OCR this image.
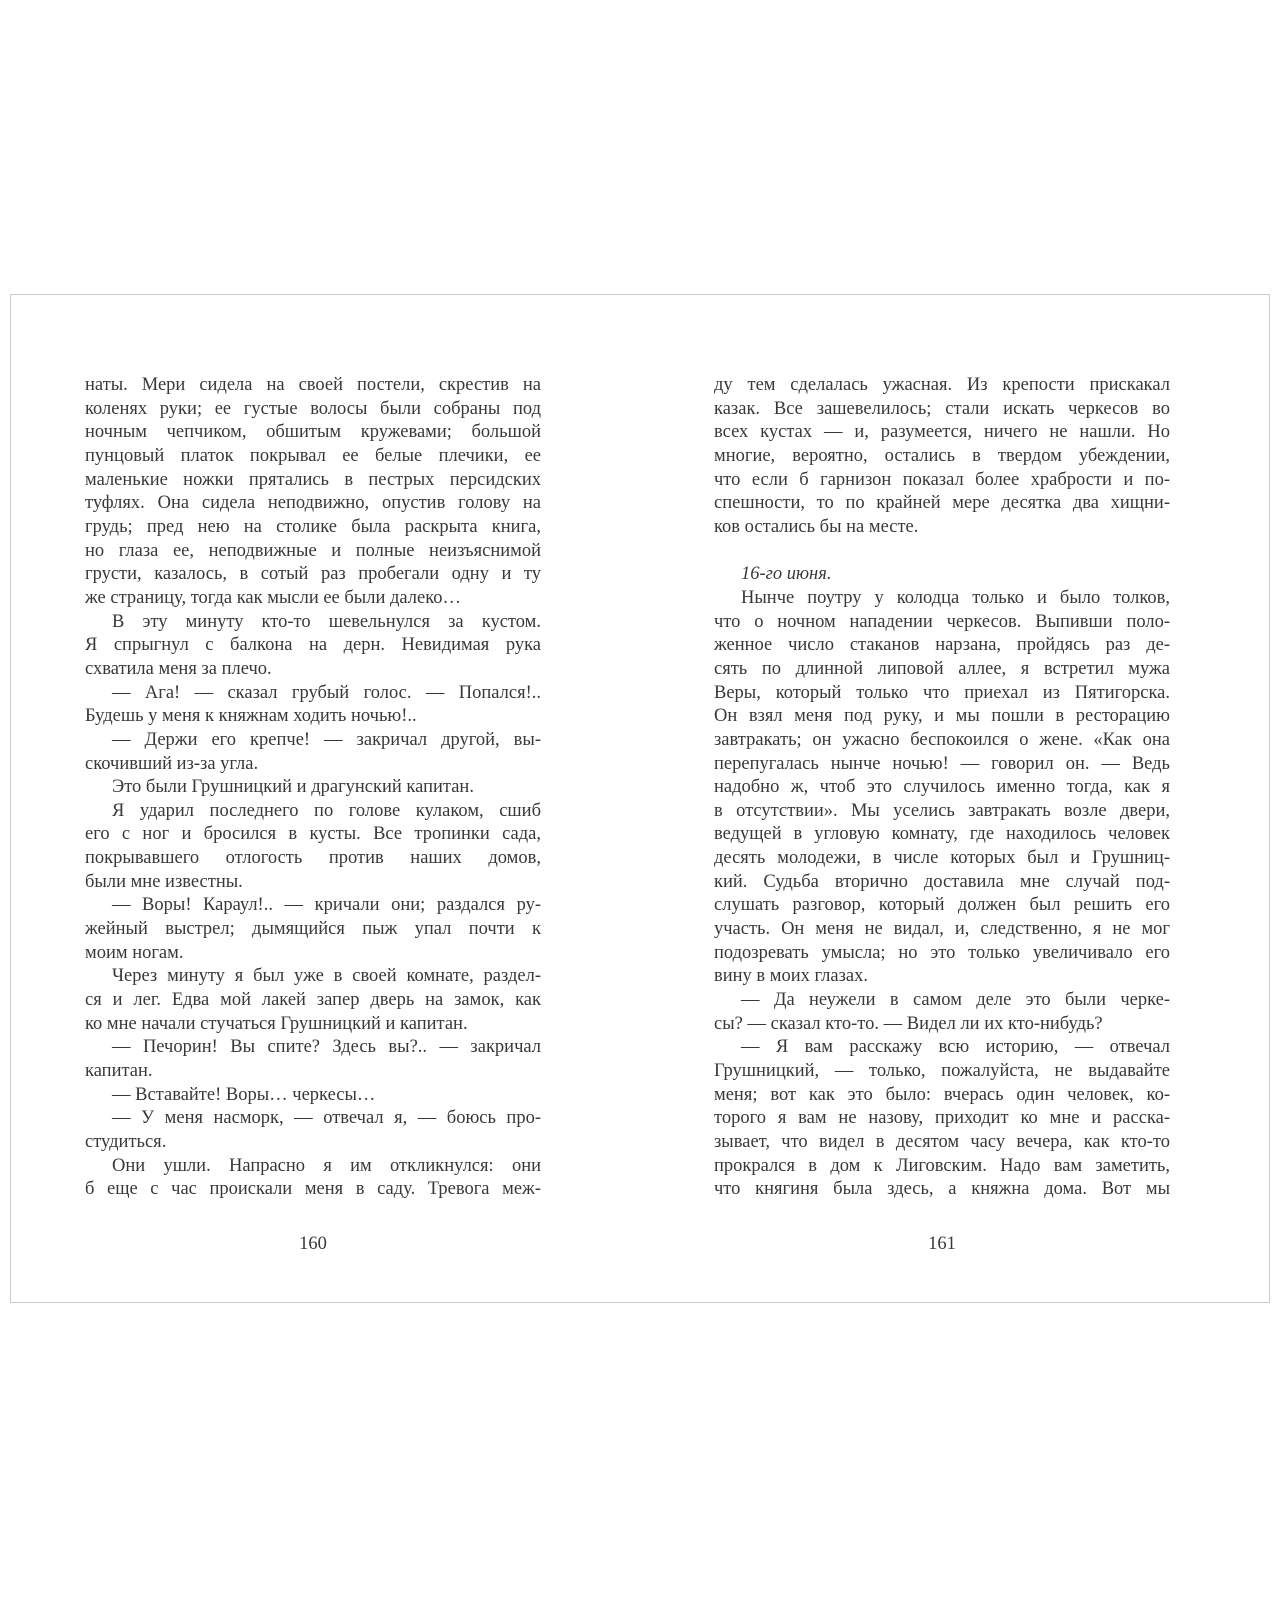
наты. Мери сидела на своей постели, скрестив на
коленях руки; ее густые волосы были собраны под
ночным чепчиком, обшитым кружевами; большой
пунцовый платок покрывал ее белые плечики, ее
маленькие ножки прятались в пестрых персидских
туфлях. Она сидела неподвижно, опустив голову на
грудь; пред нею на столике была раскрыта книга,
но глаза ее, неподвижные и полные неизъяснимой
грусти, казалось, в сотый раз пробегали одну и ту
же страницу, тогда как мысли ее были далеко…
В эту минуту кто-то шевельнулся за кустом.
Я спрыгнул с балкона на дерн. Невидимая рука
схватила меня за плечо.
— Ага! — сказал грубый голос. — Попался!..
Будешь у меня к княжнам ходить ночью!..
— Держи его крепче! — закричал другой, вы-
скочивший из-за угла.
Это были Грушницкий и драгунский капитан.
Я ударил последнего по голове кулаком, сшиб
его с ног и бросился в кусты. Все тропинки сада,
покрывавшего отлогость против наших домов,
были мне известны.
— Воры! Караул!.. — кричали они; раздался ру-
жейный выстрел; дымящийся пыж упал почти к
моим ногам.
Через минуту я был уже в своей комнате, раздел-
ся и лег. Едва мой лакей запер дверь на замок, как
ко мне начали стучаться Грушницкий и капитан.
— Печорин! Вы спите? Здесь вы?.. — закричал
капитан.
— Вставайте! Воры… черкесы…
— У меня насморк, — отвечал я, — боюсь про-
студиться.
Они ушли. Напрасно я им откликнулся: они
б еще с час проискали меня в саду. Тревога меж-
ду тем сделалась ужасная. Из крепости прискакал
казак. Все зашевелилось; стали искать черкесов во
всех кустах — и, разумеется, ничего не нашли. Но
многие, вероятно, остались в твердом убеждении,
что если б гарнизон показал более храбрости и по-
спешности, то по крайней мере десятка два хищни-
ков остались бы на месте.
16-го июня.
Нынче поутру у колодца только и было толков,
что о ночном нападении черкесов. Выпивши поло-
женное число стаканов нарзана, пройдясь раз де-
сять по длинной липовой аллее, я встретил мужа
Веры, который только что приехал из Пятигорска.
Он взял меня под руку, и мы пошли в ресторацию
завтракать; он ужасно беспокоился о жене. «Как она
перепугалась нынче ночью! — говорил он. — Ведь
надобно ж, чтоб это случилось именно тогда, как я
в отсутствии». Мы уселись завтракать возле двери,
ведущей в угловую комнату, где находилось человек
десять молодежи, в числе которых был и Грушниц-
кий. Судьба вторично доставила мне случай под-
слушать разговор, который должен был решить его
участь. Он меня не видал, и, следственно, я не мог
подозревать умысла; но это только увеличивало его
вину в моих глазах.
— Да неужели в самом деле это были черке-
сы? — сказал кто-то. — Видел ли их кто-нибудь?
— Я вам расскажу всю историю, — отвечал
Грушницкий, — только, пожалуйста, не выдавайте
меня; вот как это было: вчерась один человек, ко-
торого я вам не назову, приходит ко мне и расска-
зывает, что видел в десятом часу вечера, как кто-то
прокрался в дом к Лиговским. Надо вам заметить,
что княгиня была здесь, а княжна дома. Вот мы
160	161
